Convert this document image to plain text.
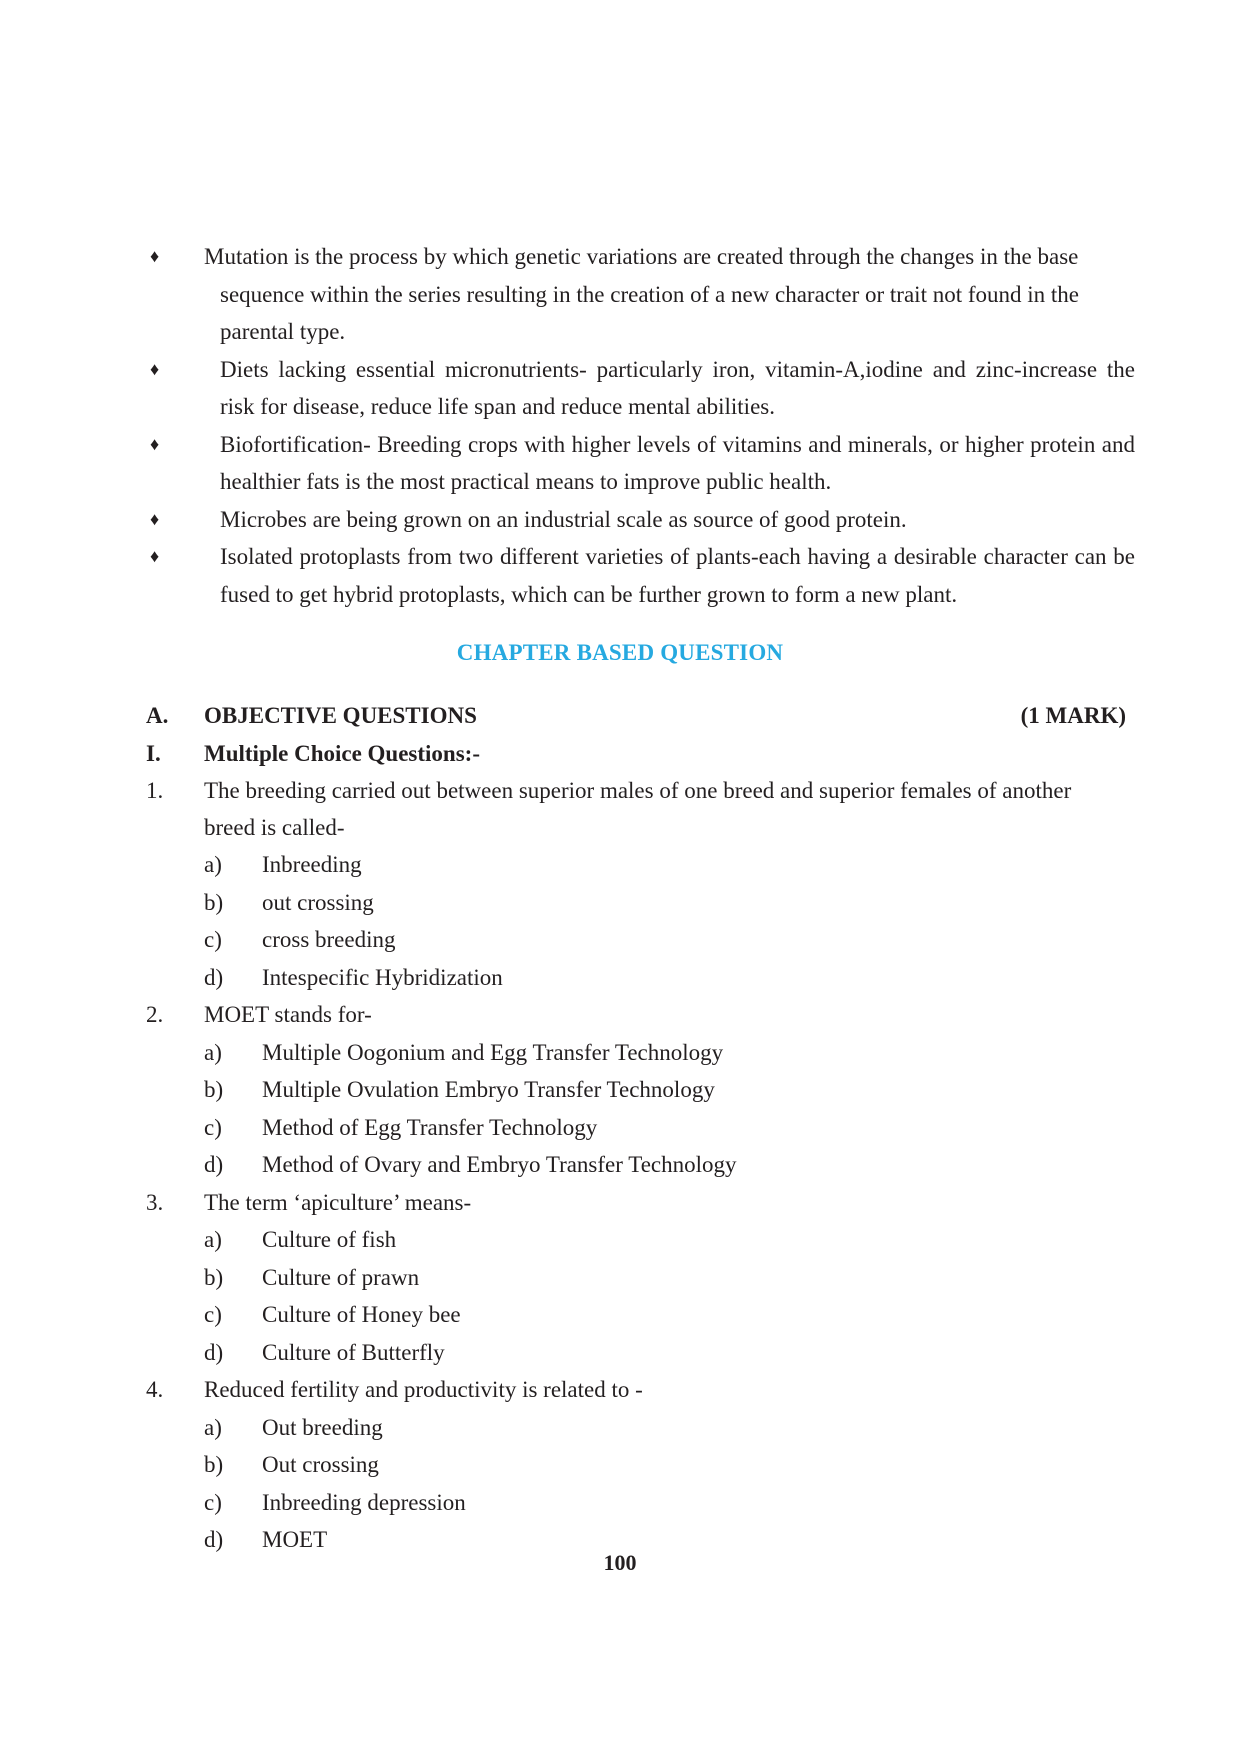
♦	Mutation is the process by which genetic variations are created through the changes in the base
sequence within the series resulting in the creation of a new character or trait not found in the
parental type.
♦	Diets lacking essential micronutrients- particularly iron, vitamin-A,iodine and zinc-increase the risk for disease, reduce life span and reduce mental abilities.
♦	Biofortification- Breeding crops with higher levels of vitamins and minerals, or higher protein and healthier fats is the most practical means to improve public health.
♦	Microbes are being grown on an industrial scale as source of good protein.
♦	Isolated protoplasts from two different varieties of plants-each having a desirable character can be fused to get hybrid protoplasts, which can be further grown to form a new plant.
CHAPTER BASED QUESTION
A.	OBJECTIVE QUESTIONS	(1 MARK)
I.	Multiple Choice Questions:-
1.	The breeding carried out between superior males of one breed and superior females of another
breed is called-
a)	Inbreeding
b)	out crossing
c)	cross breeding
d)	Intespecific Hybridization
2.	MOET stands for-
a)	Multiple Oogonium and Egg Transfer Technology
b)	Multiple Ovulation Embryo Transfer Technology
c)	Method of Egg Transfer Technology
d)	Method of Ovary and Embryo Transfer Technology
3.	The term ‘apiculture’ means-
a)	Culture of fish
b)	Culture of prawn
c)	Culture of Honey bee
d)	Culture of Butterfly
4.	Reduced fertility and productivity is related to -
a)	Out breeding
b)	Out crossing
c)	Inbreeding depression
d)	MOET
100
